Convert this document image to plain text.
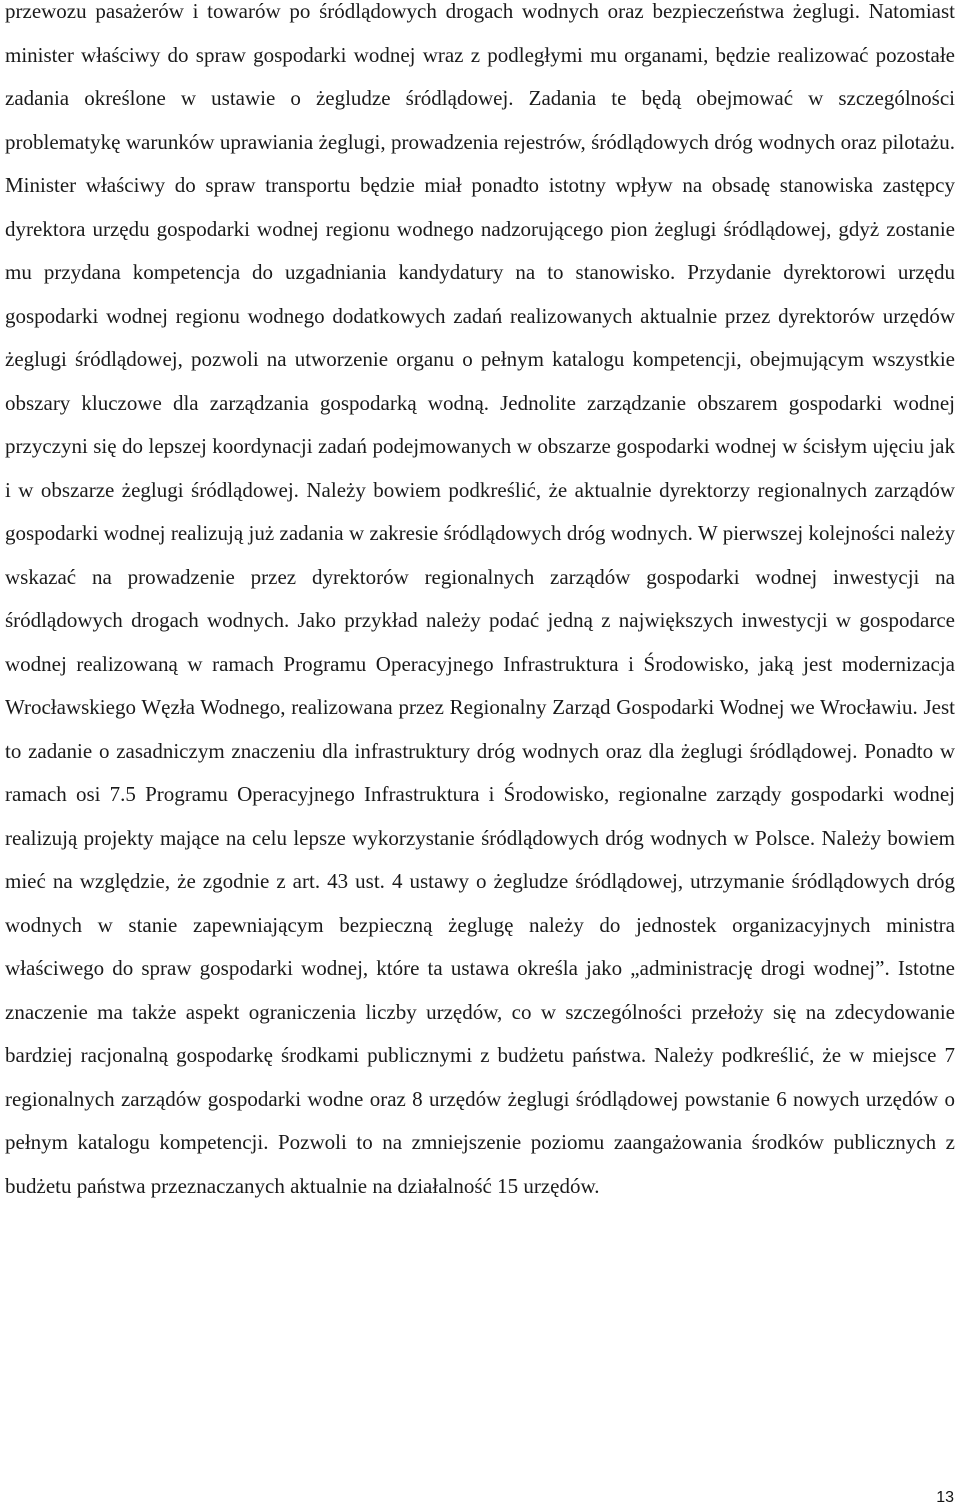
przewozu pasażerów i towarów po śródlądowych drogach wodnych oraz bezpieczeństwa żeglugi. Natomiast minister właściwy do spraw gospodarki wodnej wraz z podległymi mu organami, będzie realizować pozostałe zadania określone w ustawie o żegludze śródlądowej. Zadania te będą obejmować w szczególności problematykę warunków uprawiania żeglugi, prowadzenia rejestrów, śródlądowych dróg wodnych oraz pilotażu. Minister właściwy do spraw transportu będzie miał ponadto istotny wpływ na obsadę stanowiska zastępcy dyrektora urzędu gospodarki wodnej regionu wodnego nadzorującego pion żeglugi śródlądowej, gdyż zostanie mu przydana kompetencja do uzgadniania kandydatury na to stanowisko. Przydanie dyrektorowi urzędu gospodarki wodnej regionu wodnego dodatkowych zadań realizowanych aktualnie przez dyrektorów urzędów żeglugi śródlądowej, pozwoli na utworzenie organu o pełnym katalogu kompetencji, obejmującym wszystkie obszary kluczowe dla zarządzania gospodarką wodną. Jednolite zarządzanie obszarem gospodarki wodnej przyczyni się do lepszej koordynacji zadań podejmowanych w obszarze gospodarki wodnej w ścisłym ujęciu jak i w obszarze żeglugi śródlądowej. Należy bowiem podkreślić, że aktualnie dyrektorzy regionalnych zarządów gospodarki wodnej realizują już zadania w zakresie śródlądowych dróg wodnych. W pierwszej kolejności należy wskazać na prowadzenie przez dyrektorów regionalnych zarządów gospodarki wodnej inwestycji na śródlądowych drogach wodnych. Jako przykład należy podać jedną z największych inwestycji w gospodarce wodnej realizowaną w ramach Programu Operacyjnego Infrastruktura i Środowisko, jaką jest modernizacja Wrocławskiego Węzła Wodnego, realizowana przez Regionalny Zarząd Gospodarki Wodnej we Wrocławiu. Jest to zadanie o zasadniczym znaczeniu dla infrastruktury dróg wodnych oraz dla żeglugi śródlądowej. Ponadto w ramach osi 7.5 Programu Operacyjnego Infrastruktura i Środowisko, regionalne zarządy gospodarki wodnej realizują projekty mające na celu lepsze wykorzystanie śródlądowych dróg wodnych w Polsce. Należy bowiem mieć na względzie, że zgodnie z art. 43 ust. 4 ustawy o żegludze śródlądowej, utrzymanie śródlądowych dróg wodnych w stanie zapewniającym bezpieczną żeglugę należy do jednostek organizacyjnych ministra właściwego do spraw gospodarki wodnej, które ta ustawa określa jako „administrację drogi wodnej”. Istotne znaczenie ma także aspekt ograniczenia liczby urzędów, co w szczególności przełoży się na zdecydowanie bardziej racjonalną gospodarkę środkami publicznymi z budżetu państwa. Należy podkreślić, że w miejsce 7 regionalnych zarządów gospodarki wodne oraz 8 urzędów żeglugi śródlądowej powstanie 6 nowych urzędów o pełnym katalogu kompetencji. Pozwoli to na zmniejszenie poziomu zaangażowania środków publicznych z budżetu państwa przeznaczanych aktualnie na działalność 15 urzędów.

13
